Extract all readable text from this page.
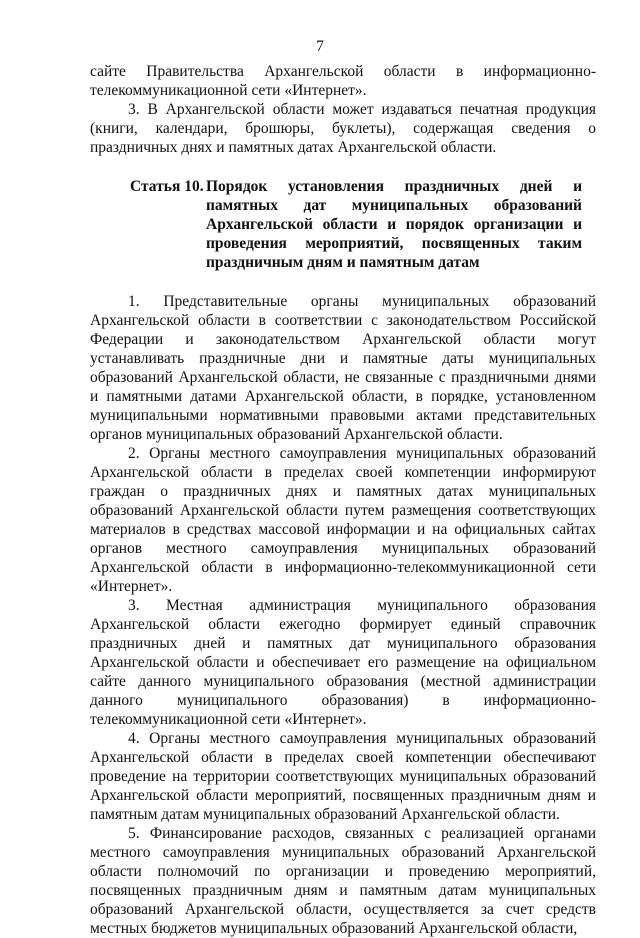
7

сайте Правительства Архангельской области в информационно-телекоммуникационной сети «Интернет».

3. В Архангельской области может издаваться печатная продукция (книги, календари, брошюры, буклеты), содержащая сведения о праздничных днях и памятных датах Архангельской области.

Статья 10. Порядок установления праздничных дней и памятных дат муниципальных образований Архангельской области и порядок организации и проведения мероприятий, посвященных таким праздничным дням и памятным датам

1. Представительные органы муниципальных образований Архангельской области в соответствии с законодательством Российской Федерации и законодательством Архангельской области могут устанавливать праздничные дни и памятные даты муниципальных образований Архангельской области, не связанные с праздничными днями и памятными датами Архангельской области, в порядке, установленном муниципальными нормативными правовыми актами представительных органов муниципальных образований Архангельской области.

2. Органы местного самоуправления муниципальных образований Архангельской области в пределах своей компетенции информируют граждан о праздничных днях и памятных датах муниципальных образований Архангельской области путем размещения соответствующих материалов в средствах массовой информации и на официальных сайтах органов местного самоуправления муниципальных образований Архангельской области в информационно-телекоммуникационной сети «Интернет».

3. Местная администрация муниципального образования Архангельской области ежегодно формирует единый справочник праздничных дней и памятных дат муниципального образования Архангельской области и обеспечивает его размещение на официальном сайте данного муниципального образования (местной администрации данного муниципального образования) в информационно-телекоммуникационной сети «Интернет».

4. Органы местного самоуправления муниципальных образований Архангельской области в пределах своей компетенции обеспечивают проведение на территории соответствующих муниципальных образований Архангельской области мероприятий, посвященных праздничным дням и памятным датам муниципальных образований Архангельской области.

5. Финансирование расходов, связанных с реализацией органами местного самоуправления муниципальных образований Архангельской области полномочий по организации и проведению мероприятий, посвященных праздничным дням и памятным датам муниципальных образований Архангельской области, осуществляется за счет средств местных бюджетов муниципальных образований Архангельской области,
